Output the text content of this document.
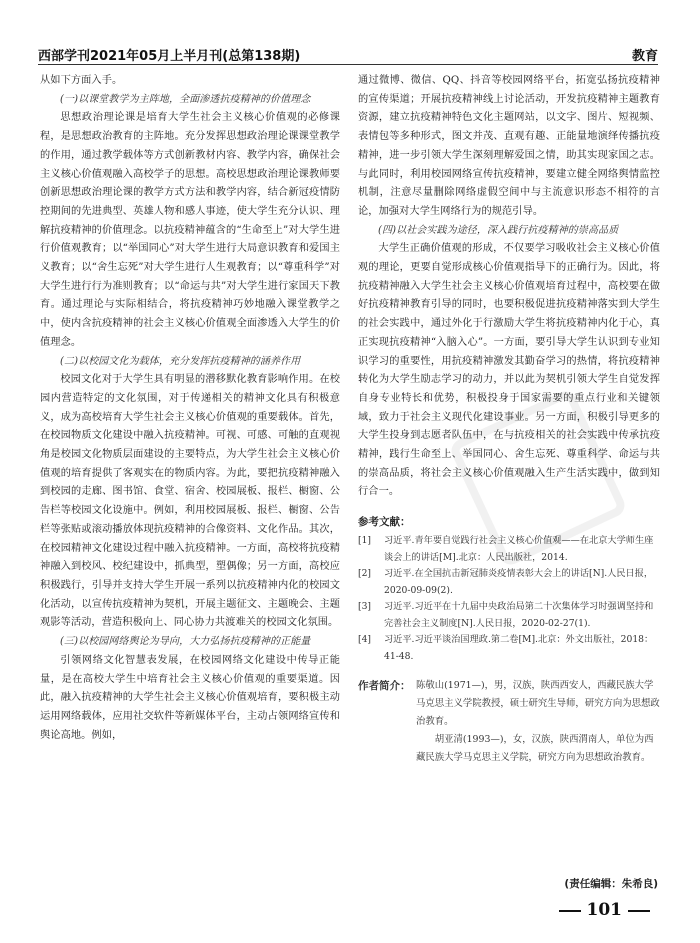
西部学刊2021年05月上半月刊(总第138期)	教育

从如下方面入手。

(一)以课堂教学为主阵地，全面渗透抗疫精神的价值理念

思想政治理论课是培育大学生社会主义核心价值观的必修课程，是思想政治教育的主阵地。充分发挥思想政治理论课课堂教学的作用，通过教学载体等方式创新教材内容、教学内容，确保社会主义核心价值观融入高校学子的思想。高校思想政治理论课教师要创新思想政治理论课的教学方式方法和教学内容，结合新冠疫情防控期间的先进典型、英雄人物和感人事迹，使大学生充分认识、理解抗疫精神的价值理念。以抗疫精神蕴含的“生命至上”对大学生进行价值观教育；以“举国同心”对大学生进行大局意识教育和爱国主义教育；以“舍生忘死”对大学生进行人生观教育；以“尊重科学”对大学生进行行为准则教育；以“命运与共”对大学生进行家国天下教育。通过理论与实际相结合，将抗疫精神巧妙地融入课堂教学之中，使内含抗疫精神的社会主义核心价值观全面渗透入大学生的价值理念。

(二)以校园文化为载体，充分发挥抗疫精神的涵养作用

校园文化对于大学生具有明显的潜移默化教育影响作用。在校园内营造特定的文化氛围，对于传递相关的精神文化具有积极意义，成为高校培育大学生社会主义核心价值观的重要载体。首先，在校园物质文化建设中融入抗疫精神。可视、可感、可触的直观视角是校园文化物质层面建设的主要特点，为大学生社会主义核心价值观的培育提供了客观实在的物质内容。为此，要把抗疫精神融入到校园的走廊、图书馆、食堂、宿舍、校园展板、报栏、橱窗、公告栏等校园文化设施中。例如，利用校园展板、报栏、橱窗、公告栏等张贴或滚动播放体现抗疫精神的合像资料、文化作品。其次，在校园精神文化建设过程中融入抗疫精神。一方面，高校将抗疫精神融入到校风、校纪建设中，抓典型，塑偶像；另一方面，高校应积极践行，引导并支持大学生开展一系列以抗疫精神内化的校园文化活动，以宣传抗疫精神为契机，开展主题征文、主题晚会、主题观影等活动，营造积极向上、同心协力共渡难关的校园文化氛围。

(三)以校园网络舆论为导向，大力弘扬抗疫精神的正能量

引领网络文化智慧表发展，在校园网络文化建设中传导正能量，是在高校大学生中培育社会主义核心价值观的重要渠道。因此，融入抗疫精神的大学生社会主义核心价值观培育，要积极主动运用网络载体，应用社交软件等新媒体平台，主动占领网络宣传和舆论高地。例如，

通过微博、微信、QQ、抖音等校园网络平台，拓宽弘扬抗疫精神的宣传渠道；开展抗疫精神线上讨论活动，开发抗疫精神主题教育资源，建立抗疫精神特色文化主题网站，以文字、图片、短视频、表情包等多种形式，图文并茂、直观有趣、正能量地演绎传播抗疫精神，进一步引领大学生深刻理解爱国之情，助其实现家国之志。与此同时，利用校园网络宣传抗疫精神，要建立健全网络舆情监控机制，注意尽量删除网络虚假空间中与主流意识形态不相符的言论，加强对大学生网络行为的规范引导。

(四)以社会实践为途径，深入践行抗疫精神的崇高品质

大学生正确价值观的形成，不仅要学习吸收社会主义核心价值观的理论，更要自觉形成核心价值观指导下的正确行为。因此，将抗疫精神融入大学生社会主义核心价值观培育过程中，高校要在做好抗疫精神教育引导的同时，也要积极促进抗疫精神落实到大学生的社会实践中，通过外化于行激励大学生将抗疫精神内化于心，真正实现抗疫精神“入脑入心”。一方面，要引导大学生认识到专业知识学习的重要性，用抗疫精神激发其勤奋学习的热情，将抗疫精神转化为大学生励志学习的动力，并以此为契机引领大学生自觉发挥自身专业特长和优势，积极投身于国家需要的重点行业和关键领域，致力于社会主义现代化建设事业。另一方面，积极引导更多的大学生投身到志愿者队伍中，在与抗疫相关的社会实践中传承抗疫精神，践行生命至上、举国同心、舍生忘死、尊重科学、命运与共的崇高品质，将社会主义核心价值观融入生产生活实践中，做到知行合一。

参考文献：
[1]	习近平.青年要自觉践行社会主义核心价值观——在北京大学师生座谈会上的讲话[M].北京：人民出版社，2014.
[2]	习近平.在全国抗击新冠肺炎疫情表彰大会上的讲话[N].人民日报，2020-09-09(2).
[3]	习近平.习近平在十九届中央政治局第二十次集体学习时强调坚持和完善社会主义制度[N].人民日报，2020-02-27(1).
[4]	习近平.习近平谈治国理政.第二卷[M].北京：外文出版社，2018：41-48.
作者简介： 陈敬山(1971—)，男，汉族，陕西西安人，西藏民族大学马克思主义学院教授，硕士研究生导师，研究方向为思想政治教育。
胡亚清(1993—)，女，汉族，陕西渭南人，单位为西藏民族大学马克思主义学院，研究方向为思想政治教育。
(责任编辑：朱希良)
101
